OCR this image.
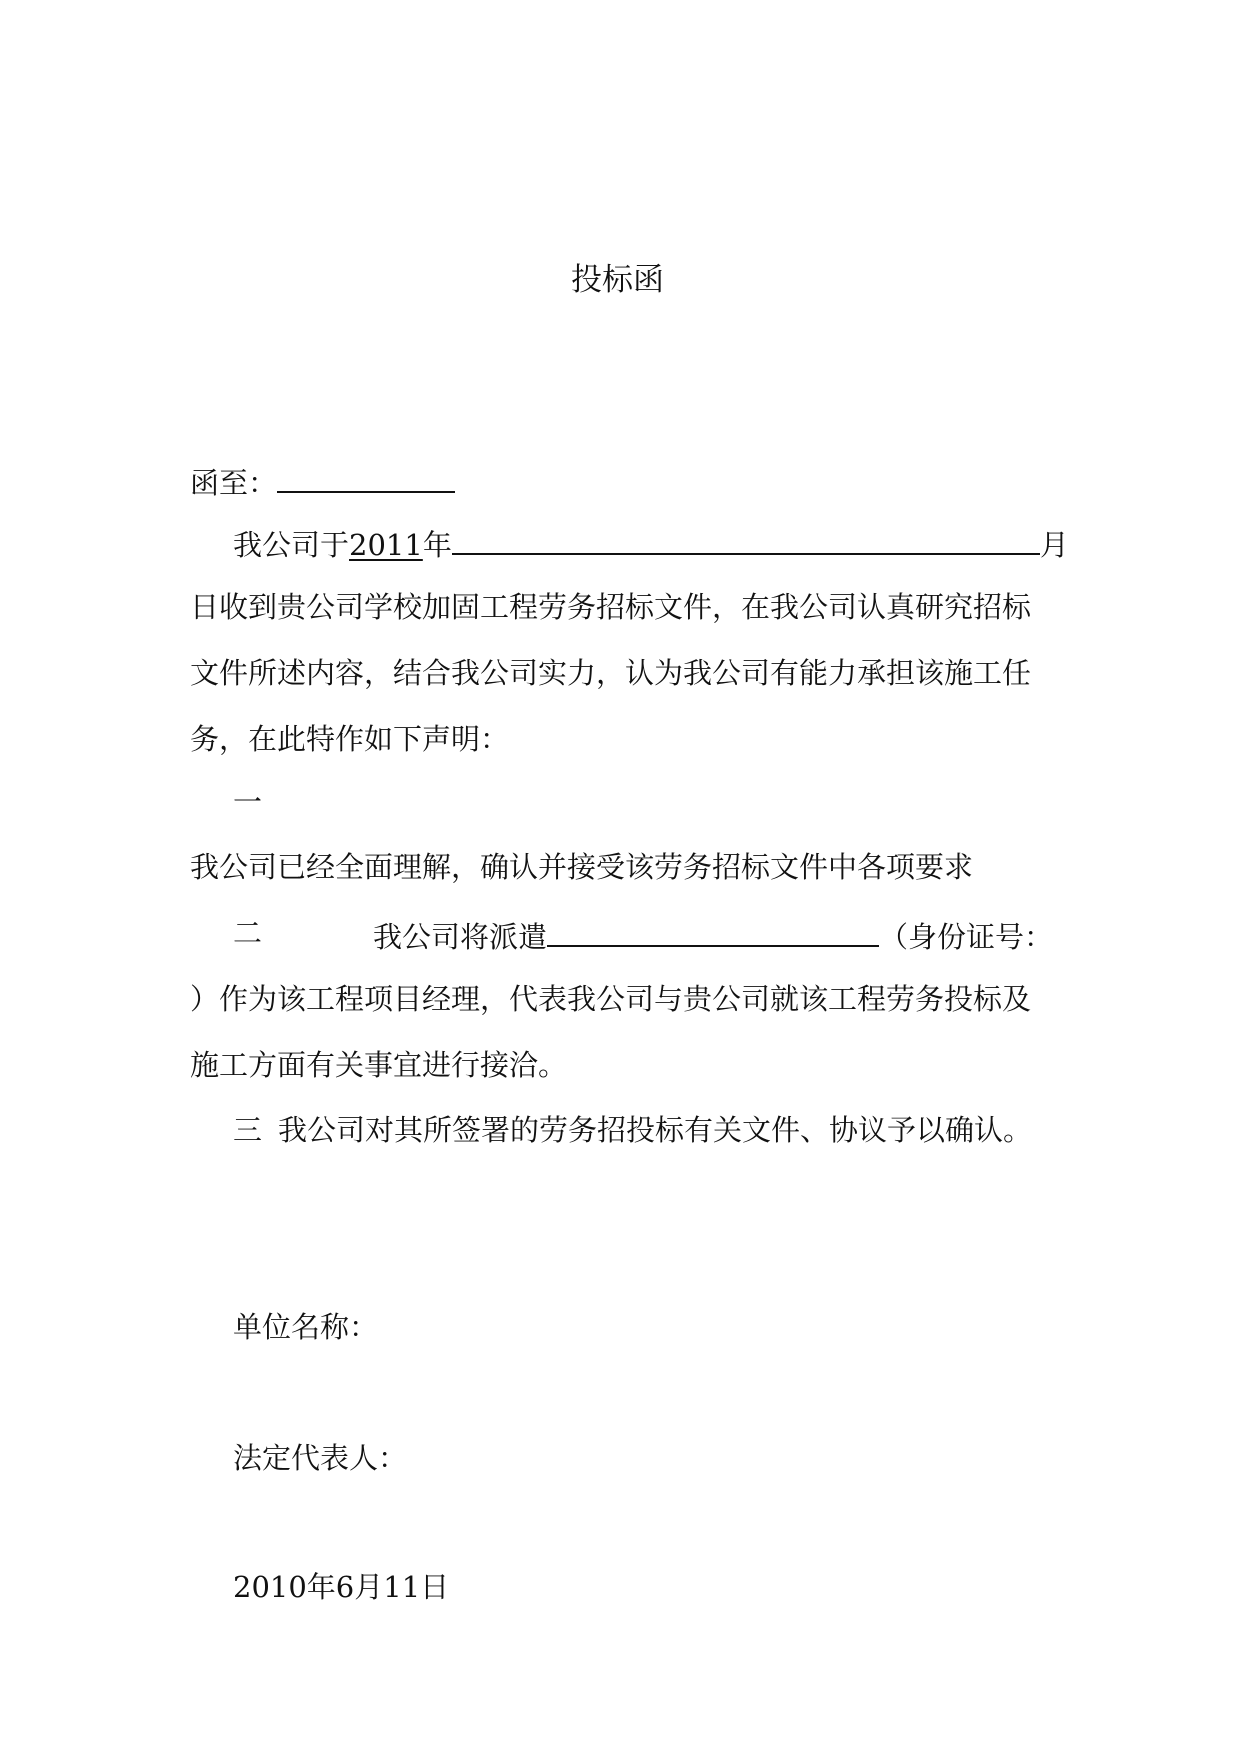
投标函
函至：
我公司于2011年	月
日收到贵公司学校加固工程劳务招标文件，在我公司认真研究招标
文件所述内容，结合我公司实力，认为我公司有能力承担该施工任
务，在此特作如下声明：
一
我公司已经全面理解，确认并接受该劳务招标文件中各项要求
二	我公司将派遣	（身份证号：
）作为该工程项目经理，代表我公司与贵公司就该工程劳务投标及
施工方面有关事宜进行接洽。
三 我公司对其所签署的劳务招投标有关文件、协议予以确认。
单位名称：
法定代表人：
2010年6月11日
